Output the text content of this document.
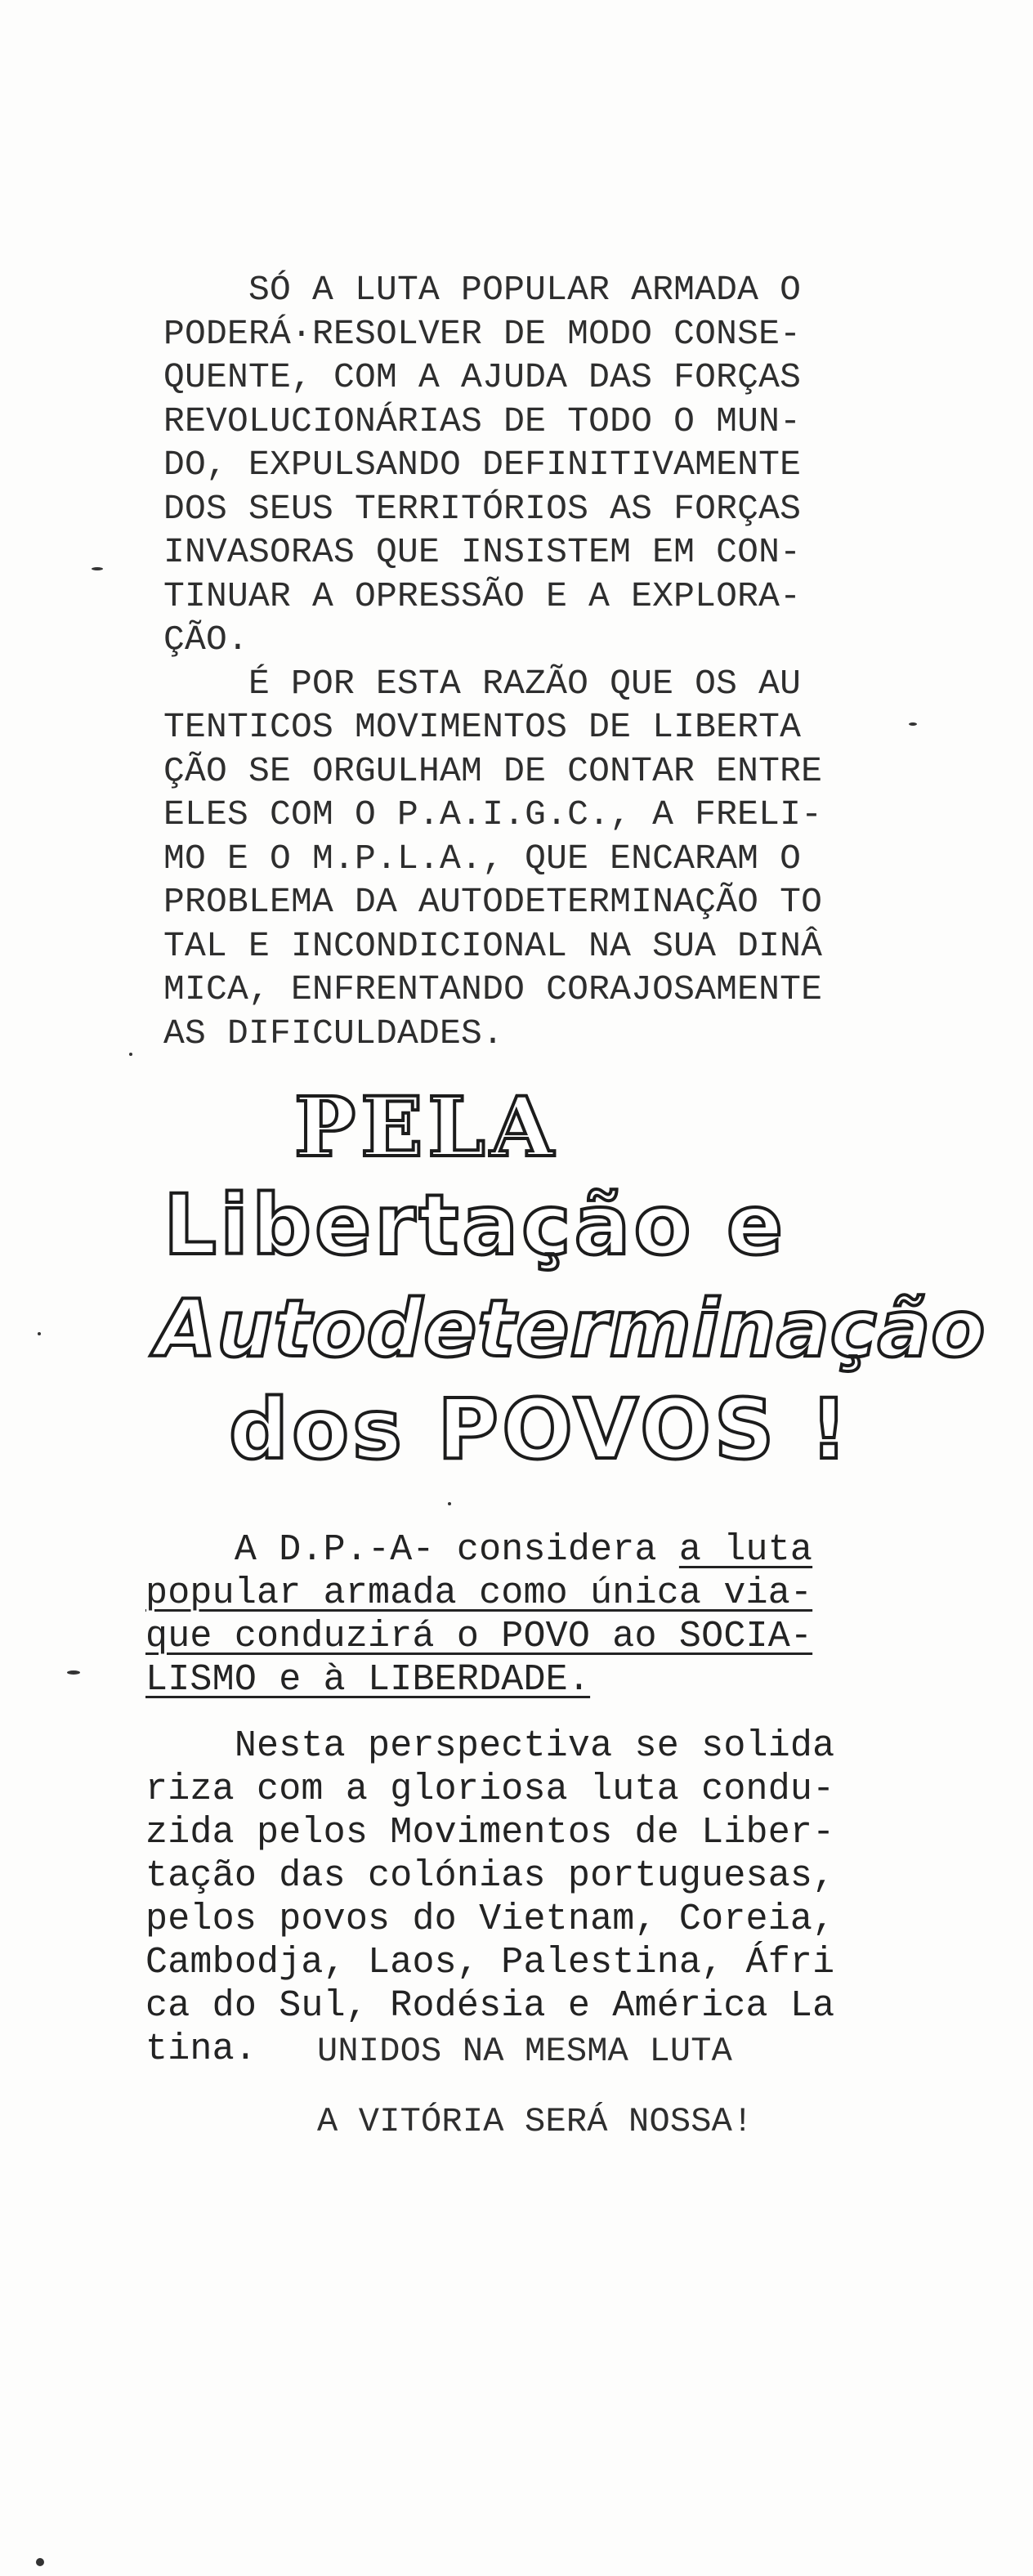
SÓ A LUTA POPULAR ARMADA O
PODERÁ·RESOLVER DE MODO CONSE-
QUENTE, COM A AJUDA DAS FORÇAS
REVOLUCIONÁRIAS DE TODO O MUN-
DO, EXPULSANDO DEFINITIVAMENTE
DOS SEUS TERRITÓRIOS AS FORÇAS
INVASORAS QUE INSISTEM EM CON-
TINUAR A OPRESSÃO E A EXPLORA-
ÇÃO.
É POR ESTA RAZÃO QUE OS AU
TENTICOS MOVIMENTOS DE LIBERTA
ÇÃO SE ORGULHAM DE CONTAR ENTRE
ELES COM O P.A.I.G.C., A FRELI-
MO E O M.P.L.A., QUE ENCARAM O
PROBLEMA DA AUTODETERMINAÇÃO TO
TAL E INCONDICIONAL NA SUA DINÂ
MICA, ENFRENTANDO CORAJOSAMENTE
AS DIFICULDADES.
PELA
Libertação e
Autodeterminação
dos POVOS !
A D.P.-A- considera a luta
popular armada como única via-
que conduzirá o POVO ao SOCIA-
LISMO e à LIBERDADE.
Nesta perspectiva se solida
riza com a gloriosa luta condu-
zida pelos Movimentos de Liber-
tação das colónias portuguesas,
pelos povos do Vietnam, Coreia,
Cambodja, Laos, Palestina, Áfri
ca do Sul, Rodésia e América La
tina.	UNIDOS NA MESMA LUTA
A VITÓRIA SERÁ NOSSA!
